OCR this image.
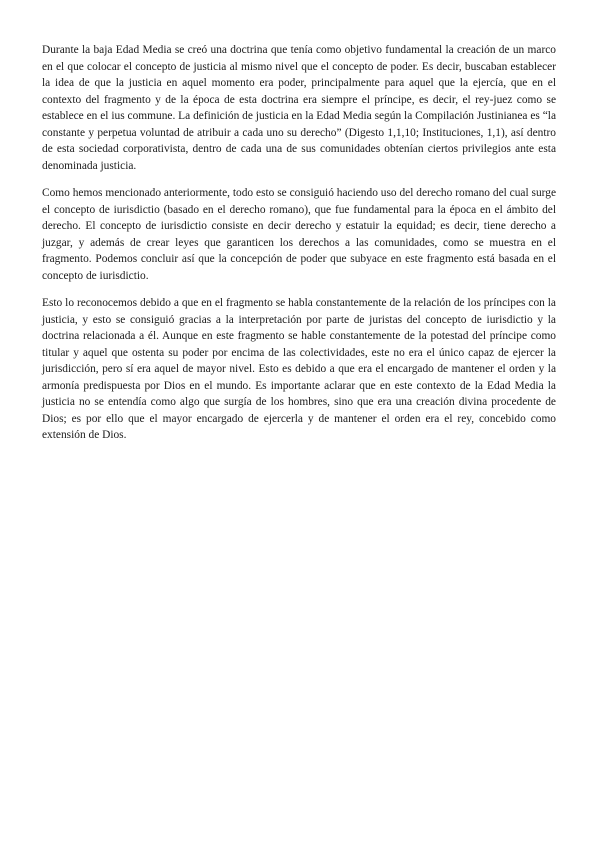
Durante la baja Edad Media se creó una doctrina que tenía como objetivo fundamental la creación de un marco en el que colocar el concepto de justicia al mismo nivel que el concepto de poder. Es decir, buscaban establecer la idea de que la justicia en aquel momento era poder, principalmente para aquel que la ejercía, que en el contexto del fragmento y de la época de esta doctrina era siempre el príncipe, es decir, el rey-juez como se establece en el ius commune. La definición de justicia en la Edad Media según la Compilación Justinianea es “la constante y perpetua voluntad de atribuir a cada uno su derecho” (Digesto 1,1,10; Instituciones, 1,1), así dentro de esta sociedad corporativista, dentro de cada una de sus comunidades obtenían ciertos privilegios ante esta denominada justicia.

Como hemos mencionado anteriormente, todo esto se consiguió haciendo uso del derecho romano del cual surge el concepto de iurisdictio (basado en el derecho romano), que fue fundamental para la época en el ámbito del derecho. El concepto de iurisdictio consiste en decir derecho y estatuir la equidad; es decir, tiene derecho a juzgar, y además de crear leyes que garanticen los derechos a las comunidades, como se muestra en el fragmento. Podemos concluir así que la concepción de poder que subyace en este fragmento está basada en el concepto de iurisdictio.

Esto lo reconocemos debido a que en el fragmento se habla constantemente de la relación de los príncipes con la justicia, y esto se consiguió gracias a la interpretación por parte de juristas del concepto de iurisdictio y la doctrina relacionada a él. Aunque en este fragmento se hable constantemente de la potestad del príncipe como titular y aquel que ostenta su poder por encima de las colectividades, este no era el único capaz de ejercer la jurisdicción, pero sí era aquel de mayor nivel. Esto es debido a que era el encargado de mantener el orden y la armonía predispuesta por Dios en el mundo. Es importante aclarar que en este contexto de la Edad Media la justicia no se entendía como algo que surgía de los hombres, sino que era una creación divina procedente de Dios; es por ello que el mayor encargado de ejercerla y de mantener el orden era el rey, concebido como extensión de Dios.
